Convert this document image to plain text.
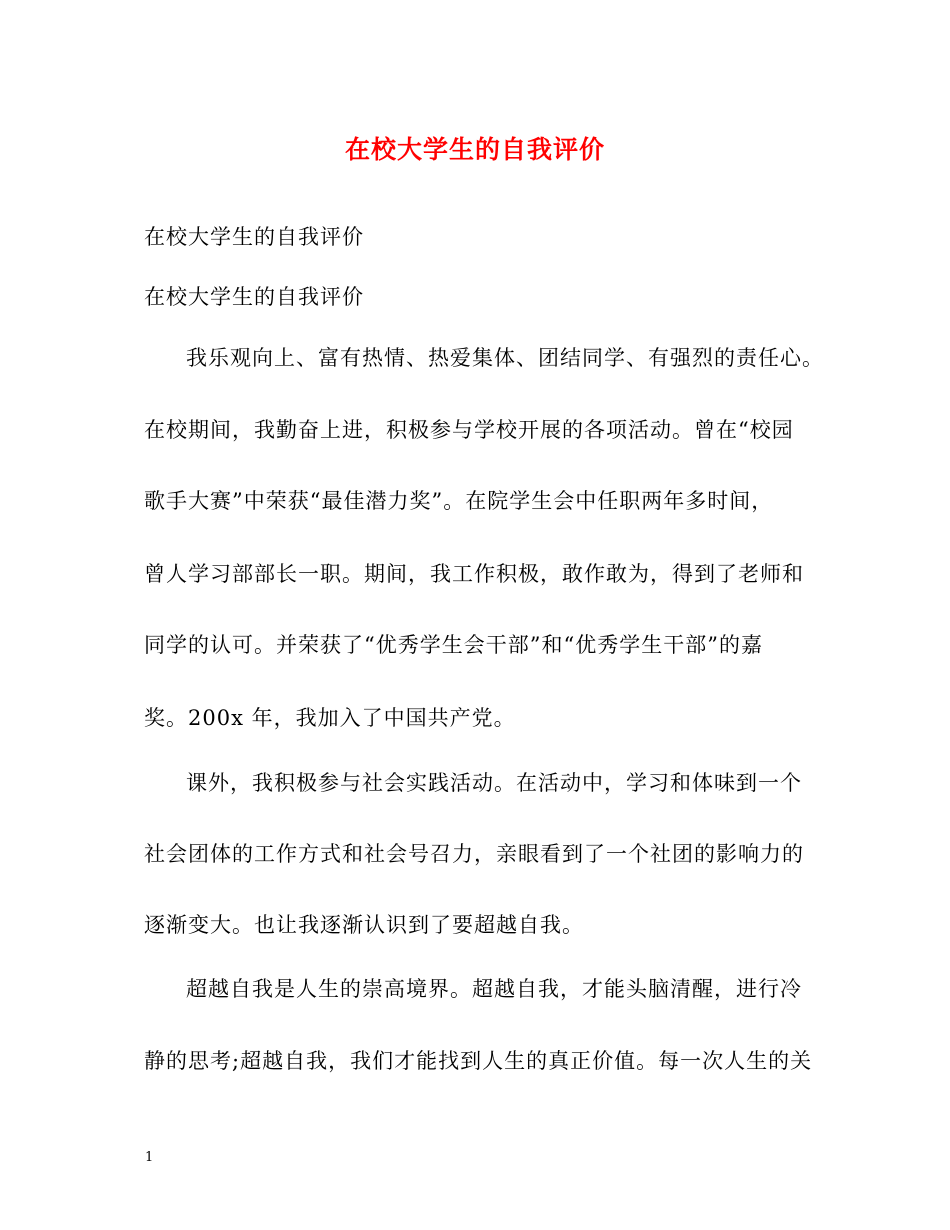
在校大学生的自我评价
在校大学生的自我评价
在校大学生的自我评价
我乐观向上、富有热情、热爱集体、团结同学、有强烈的责任心。
在校期间，我勤奋上进，积极参与学校开展的各项活动。曾在“校园
歌手大赛”中荣获“最佳潜力奖”。在院学生会中任职两年多时间，
曾人学习部部长一职。期间，我工作积极，敢作敢为，得到了老师和
同学的认可。并荣获了“优秀学生会干部”和“优秀学生干部”的嘉
奖。200x 年，我加入了中国共产党。
课外，我积极参与社会实践活动。在活动中，学习和体味到一个
社会团体的工作方式和社会号召力，亲眼看到了一个社团的影响力的
逐渐变大。也让我逐渐认识到了要超越自我。
超越自我是人生的崇高境界。超越自我，才能头脑清醒，进行冷
静的思考;超越自我，我们才能找到人生的真正价值。每一次人生的关
1
